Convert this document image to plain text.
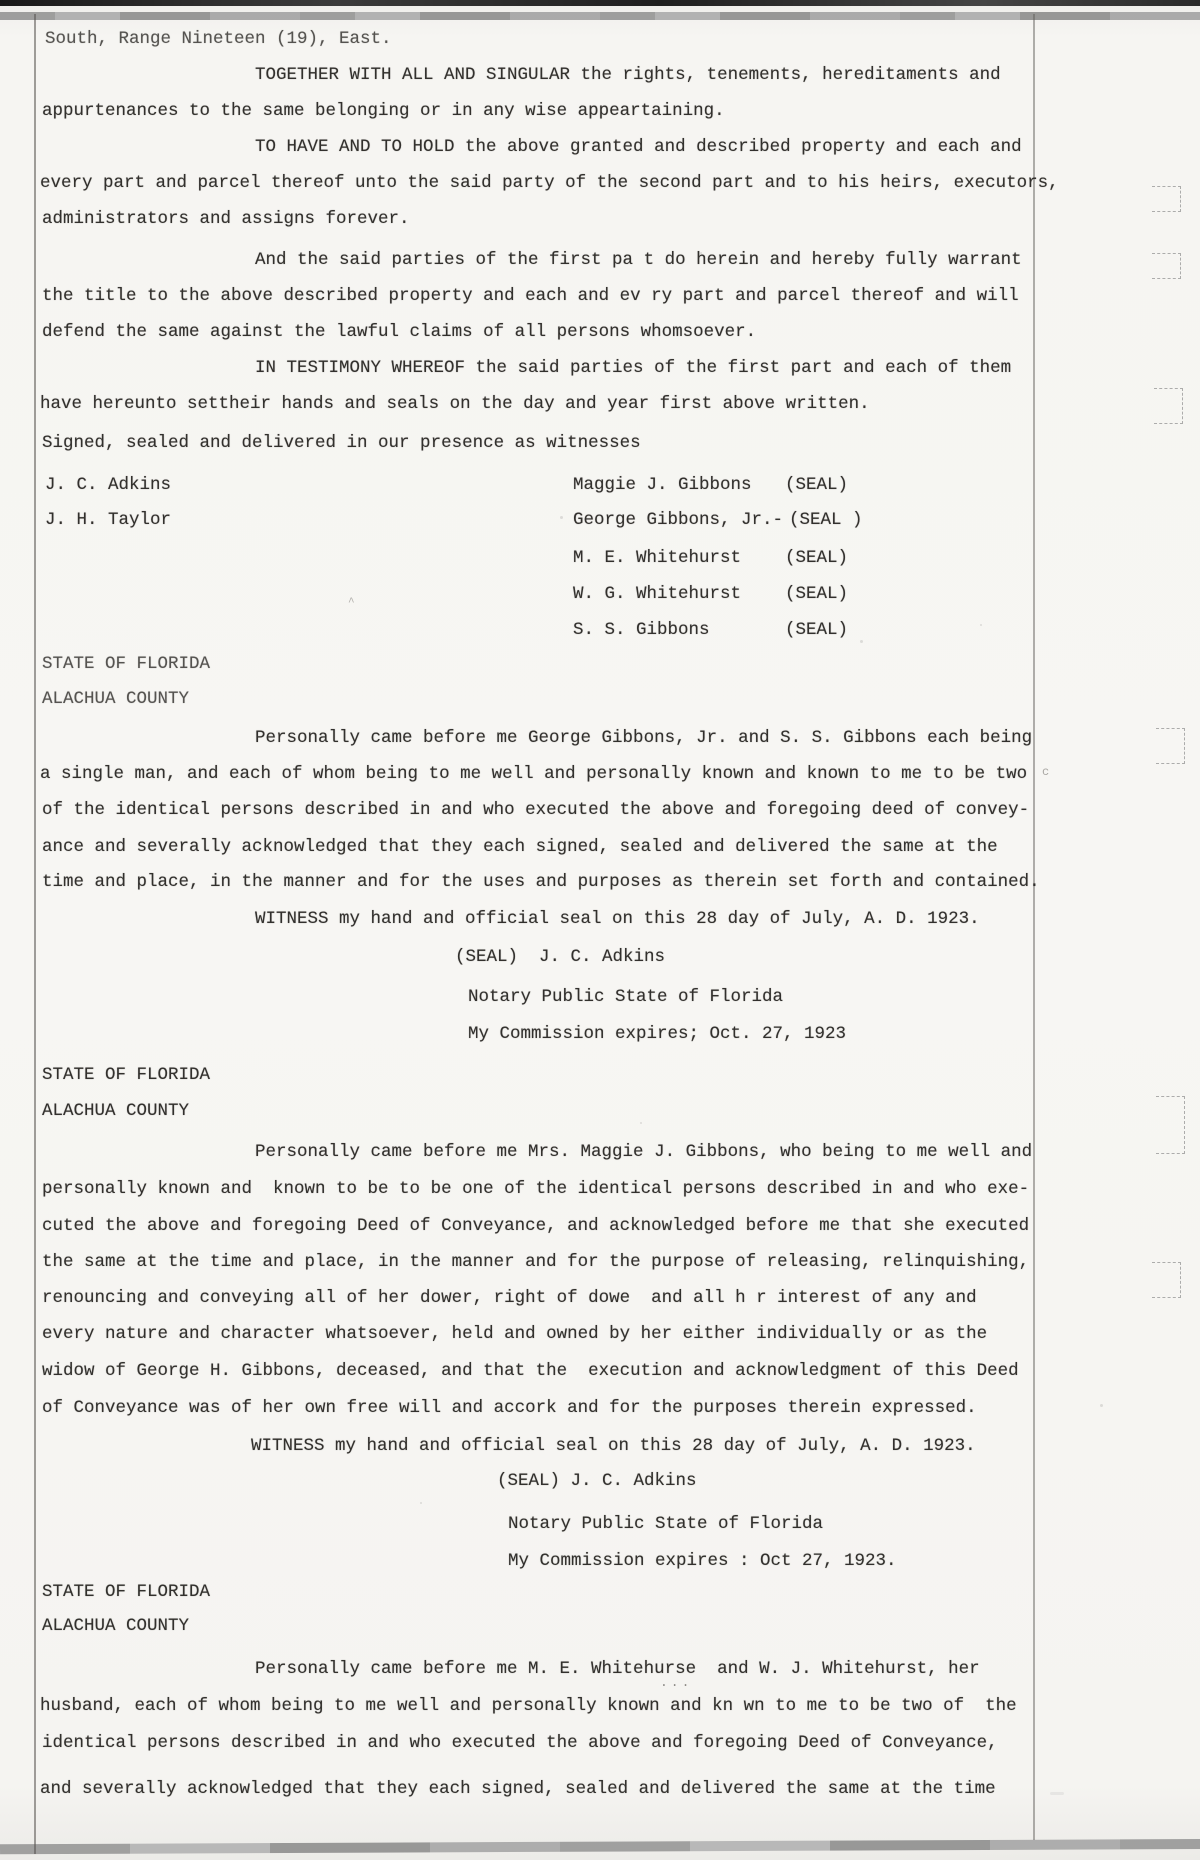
South, Range Nineteen (19), East.
TOGETHER WITH ALL AND SINGULAR the rights, tenements, hereditaments and
appurtenances to the same belonging or in any wise appeartaining.
TO HAVE AND TO HOLD the above granted and described property and each and
every part and parcel thereof unto the said party of the second part and to his heirs, executors,
administrators and assigns forever.
And the said parties of the first pa t do herein and hereby fully warrant
the title to the above described property and each and ev ry part and parcel thereof and will
defend the same against the lawful claims of all persons whomsoever.
IN TESTIMONY WHEREOF the said parties of the first part and each of them
have hereunto settheir hands and seals on the day and year first above written.
Signed, sealed and delivered in our presence as witnesses
J. C. Adkins
J. H. Taylor
Maggie J. Gibbons (SEAL)
George Gibbons, Jr.- (SEAL )
M. E. Whitehurst	(SEAL)
W. G. Whitehurst	(SEAL)
S. S. Gibbons	(SEAL)
STATE OF FLORIDA
ALACHUA COUNTY
Personally came before me George Gibbons, Jr. and S. S. Gibbons each being
a single man, and each of whom being to me well and personally known and known to me to be two
of the identical persons described in and who executed the above and foregoing deed of convey-
ance and severally acknowledged that they each signed, sealed and delivered the same at the
time and place, in the manner and for the uses and purposes as therein set forth and contained.
WITNESS my hand and official seal on this 28 day of July, A. D. 1923.
(SEAL)  J. C. Adkins
Notary Public State of Florida
My Commission expires; Oct. 27, 1923
STATE OF FLORIDA
ALACHUA COUNTY
Personally came before me Mrs. Maggie J. Gibbons, who being to me well and
personally known and  known to be to be one of the identical persons described in and who exe-
cuted the above and foregoing Deed of Conveyance, and acknowledged before me that she executed
the same at the time and place, in the manner and for the purpose of releasing, relinquishing,
renouncing and conveying all of her dower, right of dowe  and all h r interest of any and
every nature and character whatsoever, held and owned by her either individually or as the
widow of George H. Gibbons, deceased, and that the  execution and acknowledgment of this Deed
of Conveyance was of her own free will and accork and for the purposes therein expressed.
WITNESS my hand and official seal on this 28 day of July, A. D. 1923.
(SEAL) J. C. Adkins
Notary Public State of Florida
My Commission expires : Oct 27, 1923.
STATE OF FLORIDA
ALACHUA COUNTY
Personally came before me M. E. Whitehurse  and W. J. Whitehurst, her
husband, each of whom being to me well and personally known and kn wn to me to be two of  the
identical persons described in and who executed the above and foregoing Deed of Conveyance,
and severally acknowledged that they each signed, sealed and delivered the same at the time
...
c
^
